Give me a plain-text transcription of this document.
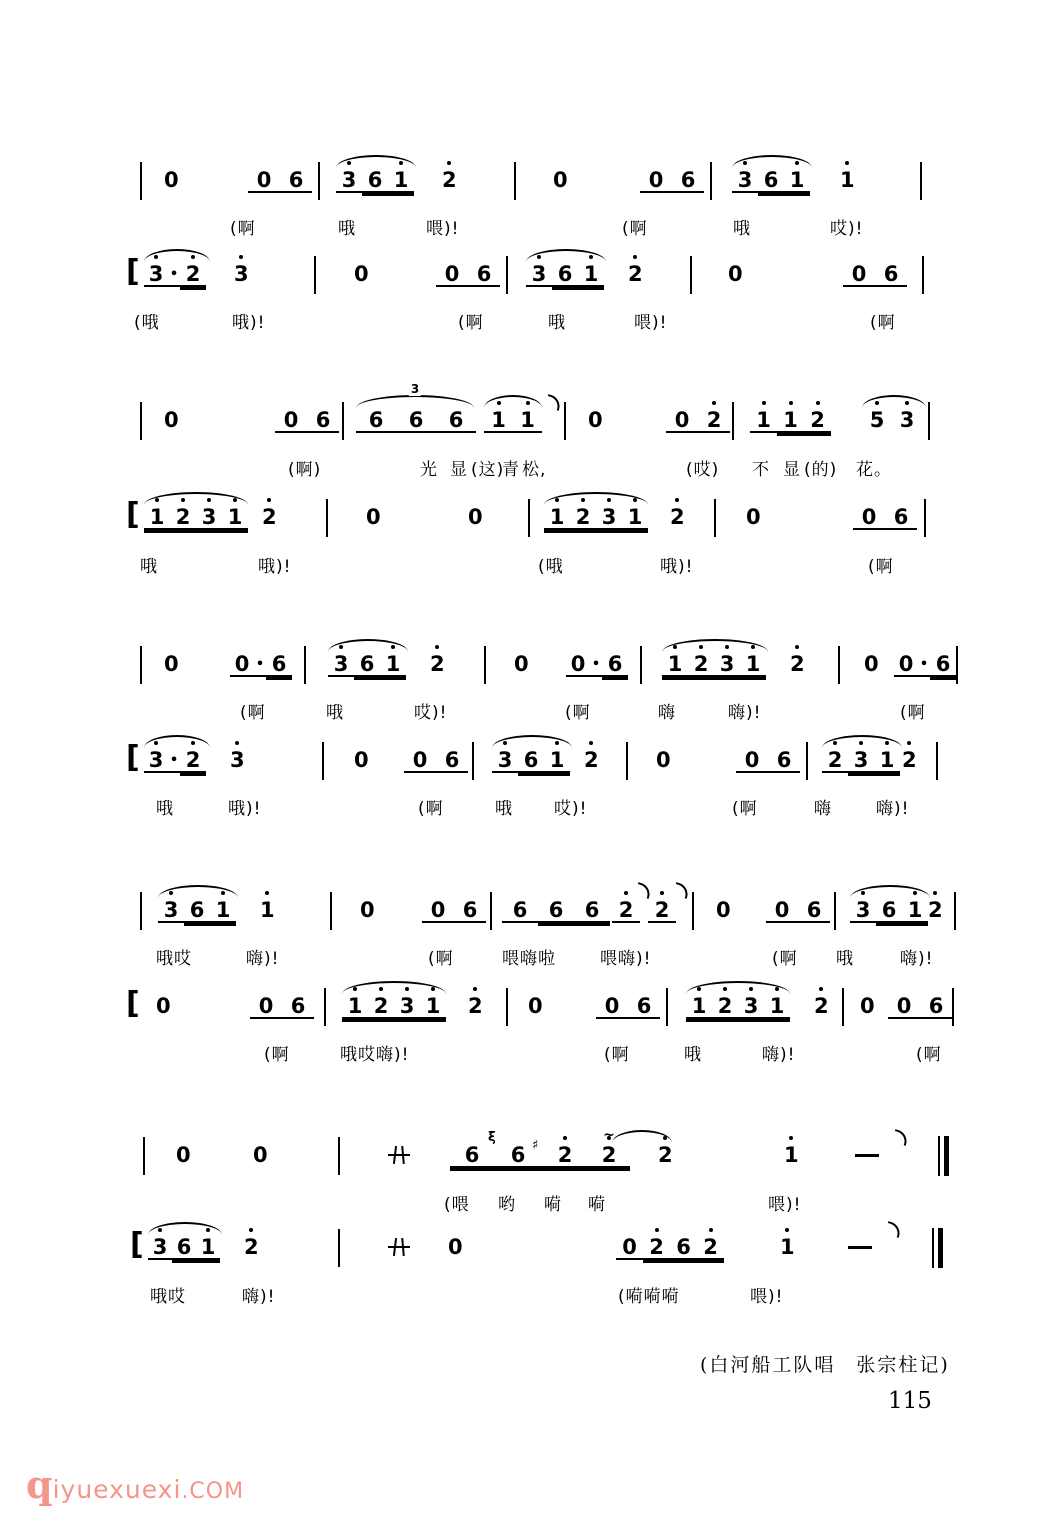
0	0 6	3 6 1 2	0	0 6	3 6 1 1
(啊	哦	喂)!	(啊	哦	哎)!
[ 3 • 2 3	0	0 6	3 6 1 2	0	0 6
(哦	哦)!	(啊	哦	喂)!	(啊
0	0 6
3
6	6	6	1 1	0	0 2	1 1 2	5 3
(啊)	光 显 (这)
青 松,	(哎) 不 显 (的) 花。
[ 1 2 3 1 2	0	0	1 2 3 1 2	0	0 6
哦	哦)!	(哦	哦)!	(啊
0	0 • 6 3 6 1 2	0 0 • 6 1 2 3 1 2	0 0 • 6
(啊	哦	哎)!	(啊	嗨	嗨)!	(啊
[ 3 • 2 3	0	0 6	3 6 1 2	0	0 6	2 3 1 2
哦	哦)!	(啊	哦 哎)!	(啊	嗨	嗨)!
3 6 1 1	0	0 6	6	6	6 2	2	0	0 6	3 6 1 2
哦哎	嗨)!	(啊	喂嗨啦	喂嗨)!	(啊 哦	嗨)!
[ 0	0 6	1 2 3 1 2 0	0 6	1 2 3 1 2 0	0 6
(啊	哦哎嗨)!	(啊	哦	嗨)!	(啊
0	0	6
ξ
6 ♯ 2	2
~
2	1
(喂 哟 嗬 嗬	喂)!
[ 3 6 1 2	0	0 2 6 2	1
哦哎	嗨)!	(嗬嗬嗬	喂)!
(白河船工队唱　张宗柱记)
115
qiyuexuexi.COM
